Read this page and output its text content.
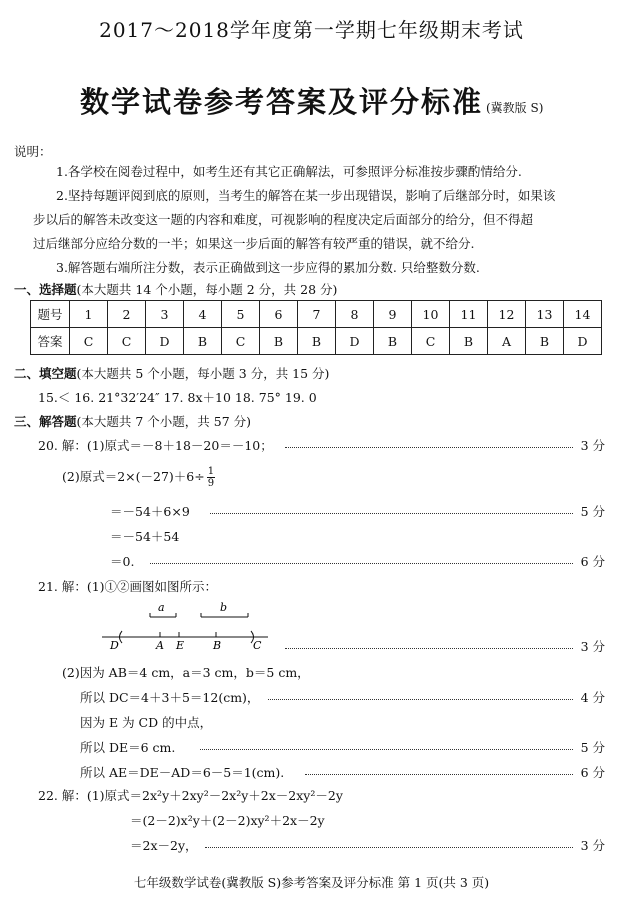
2017～2018学年度第一学期七年级期末考试
数学试卷参考答案及评分标准 (冀教版 S)
说明：
1.各学校在阅卷过程中，如考生还有其它正确解法，可参照评分标准按步骤酌情给分.
2.坚持每题评阅到底的原则，当考生的解答在某一步出现错误，影响了后继部分时，如果该
步以后的解答未改变这一题的内容和难度，可视影响的程度决定后面部分的给分，但不得超
过后继部分应给分数的一半；如果这一步后面的解答有较严重的错误，就不给分.
3.解答题右端所注分数，表示正确做到这一步应得的累加分数. 只给整数分数.
一、选择题(本大题共 14 个小题，每小题 2 分，共 28 分)
题号	1	2	3	4	5	6	7	8	9	10	11	12	13	14
答案	C	C	D	B	C	B	B	D	B	C	B	A	B	D
二、填空题(本大题共 5 个小题，每小题 3 分，共 15 分)
15.＜ 16. 21°32′24″ 17. 8x＋10 18. 75° 19. 0
三、解答题(本大题共 7 个小题，共 57 分)
20. 解：(1)原式＝－8＋18－20＝－10；	3 分
(2)原式$=2\times(-27)+6\div \frac{1}{9}$
＝－54＋6×9	5 分
＝－54＋54
＝0.	6 分
21. 解：(1)①②画图如图所示：
a	b
D	A E	B	C	3 分
(2)因为 AB＝4 cm，a＝3 cm，b＝5 cm，
所以 DC＝4＋3＋5＝12(cm)，	4 分
因为 E 为 CD 的中点，
所以 DE＝6 cm.	5 分
所以 AE＝DE－AD＝6－5＝1(cm).	6 分
22. 解：(1)原式＝2x²y＋2xy²－2x²y＋2x－2xy²－2y
＝(2－2)x²y＋(2－2)xy²＋2x－2y
＝2x－2y，	3 分
七年级数学试卷(冀教版 S)参考答案及评分标准 第 1 页(共 3 页)
